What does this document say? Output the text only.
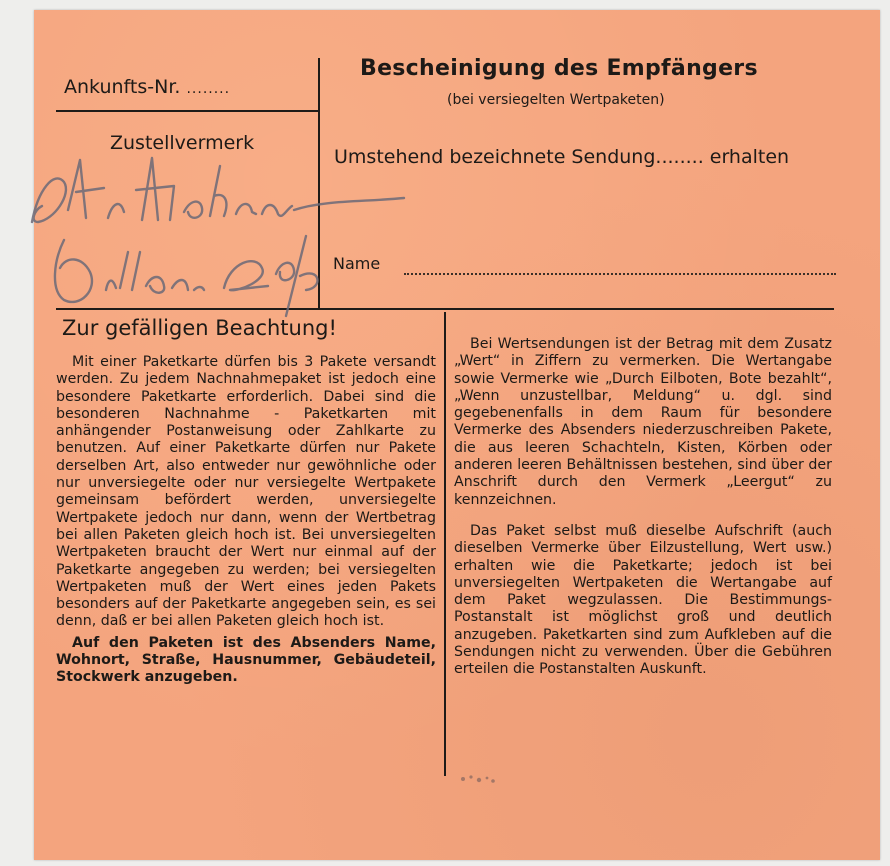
Ankunfts-Nr. ........
Zustellvermerk
Bescheinigung des Empfängers
(bei versiegelten Wertpaketen)
Umstehend bezeichnete Sendung........ erhalten
Name
Zur gefälligen Beachtung!

Mit einer Paketkarte dürfen bis 3 Pakete versandt werden. Zu jedem Nachnahmepaket ist jedoch eine besondere Paketkarte erforderlich. Dabei sind die besonderen Nachnahme - Paketkarten mit anhängender Postanweisung oder Zahlkarte zu benutzen. Auf einer Paketkarte dürfen nur Pakete derselben Art, also entweder nur gewöhnliche oder nur unversiegelte oder nur versiegelte Wertpakete gemeinsam befördert werden, unversiegelte Wertpakete jedoch nur dann, wenn der Wertbetrag bei allen Paketen gleich hoch ist. Bei unversiegelten Wertpaketen braucht der Wert nur einmal auf der Paketkarte angegeben zu werden; bei versiegelten Wertpaketen muß der Wert eines jeden Pakets besonders auf der Paketkarte angegeben sein, es sei denn, daß er bei allen Paketen gleich hoch ist.

Auf den Paketen ist des Absenders Name, Wohnort, Straße, Hausnummer, Gebäudeteil, Stockwerk anzugeben.

Bei Wertsendungen ist der Betrag mit dem Zusatz „Wert“ in Ziffern zu vermerken. Die Wertangabe sowie Vermerke wie „Durch Eilboten, Bote bezahlt“, „Wenn unzustellbar, Meldung“ u. dgl. sind gegebenenfalls in dem Raum für besondere Vermerke des Absenders niederzuschreiben Pakete, die aus leeren Schachteln, Kisten, Körben oder anderen leeren Behältnissen bestehen, sind über der Anschrift durch den Vermerk „Leergut“ zu kennzeichnen.

Das Paket selbst muß dieselbe Aufschrift (auch dieselben Vermerke über Eilzustellung, Wert usw.) erhalten wie die Paketkarte; jedoch ist bei unversiegelten Wertpaketen die Wertangabe auf dem Paket wegzulassen. Die Bestimmungs-Postanstalt ist möglichst groß und deutlich anzugeben. Paketkarten sind zum Aufkleben auf die Sendungen nicht zu verwenden. Über die Gebühren erteilen die Postanstalten Auskunft.
